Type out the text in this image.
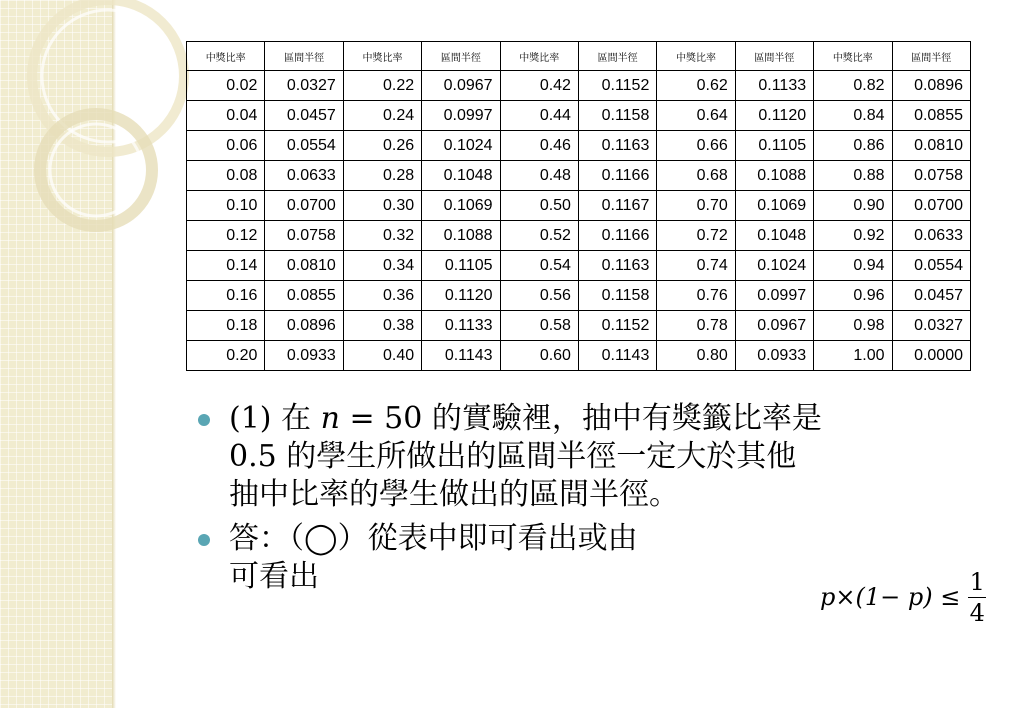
中獎比率	區間半徑	中獎比率	區間半徑	中獎比率	區間半徑	中獎比率	區間半徑	中獎比率	區間半徑
0.02	0.0327	0.22	0.0967	0.42	0.1152	0.62	0.1133	0.82	0.0896
0.04	0.0457	0.24	0.0997	0.44	0.1158	0.64	0.1120	0.84	0.0855
0.06	0.0554	0.26	0.1024	0.46	0.1163	0.66	0.1105	0.86	0.0810
0.08	0.0633	0.28	0.1048	0.48	0.1166	0.68	0.1088	0.88	0.0758
0.10	0.0700	0.30	0.1069	0.50	0.1167	0.70	0.1069	0.90	0.0700
0.12	0.0758	0.32	0.1088	0.52	0.1166	0.72	0.1048	0.92	0.0633
0.14	0.0810	0.34	0.1105	0.54	0.1163	0.74	0.1024	0.94	0.0554
0.16	0.0855	0.36	0.1120	0.56	0.1158	0.76	0.0997	0.96	0.0457
0.18	0.0896	0.38	0.1133	0.58	0.1152	0.78	0.0967	0.98	0.0327
0.20	0.0933	0.40	0.1143	0.60	0.1143	0.80	0.0933	1.00	0.0000
(1) 在 n = 50 的實驗裡，抽中有獎籤比率是
0.5 的學生所做出的區間半徑一定大於其他
抽中比率的學生做出的區間半徑。
答：（◯）從表中即可看出或由
可看出
$p\times(1- p) \le \frac{1}{4}$
